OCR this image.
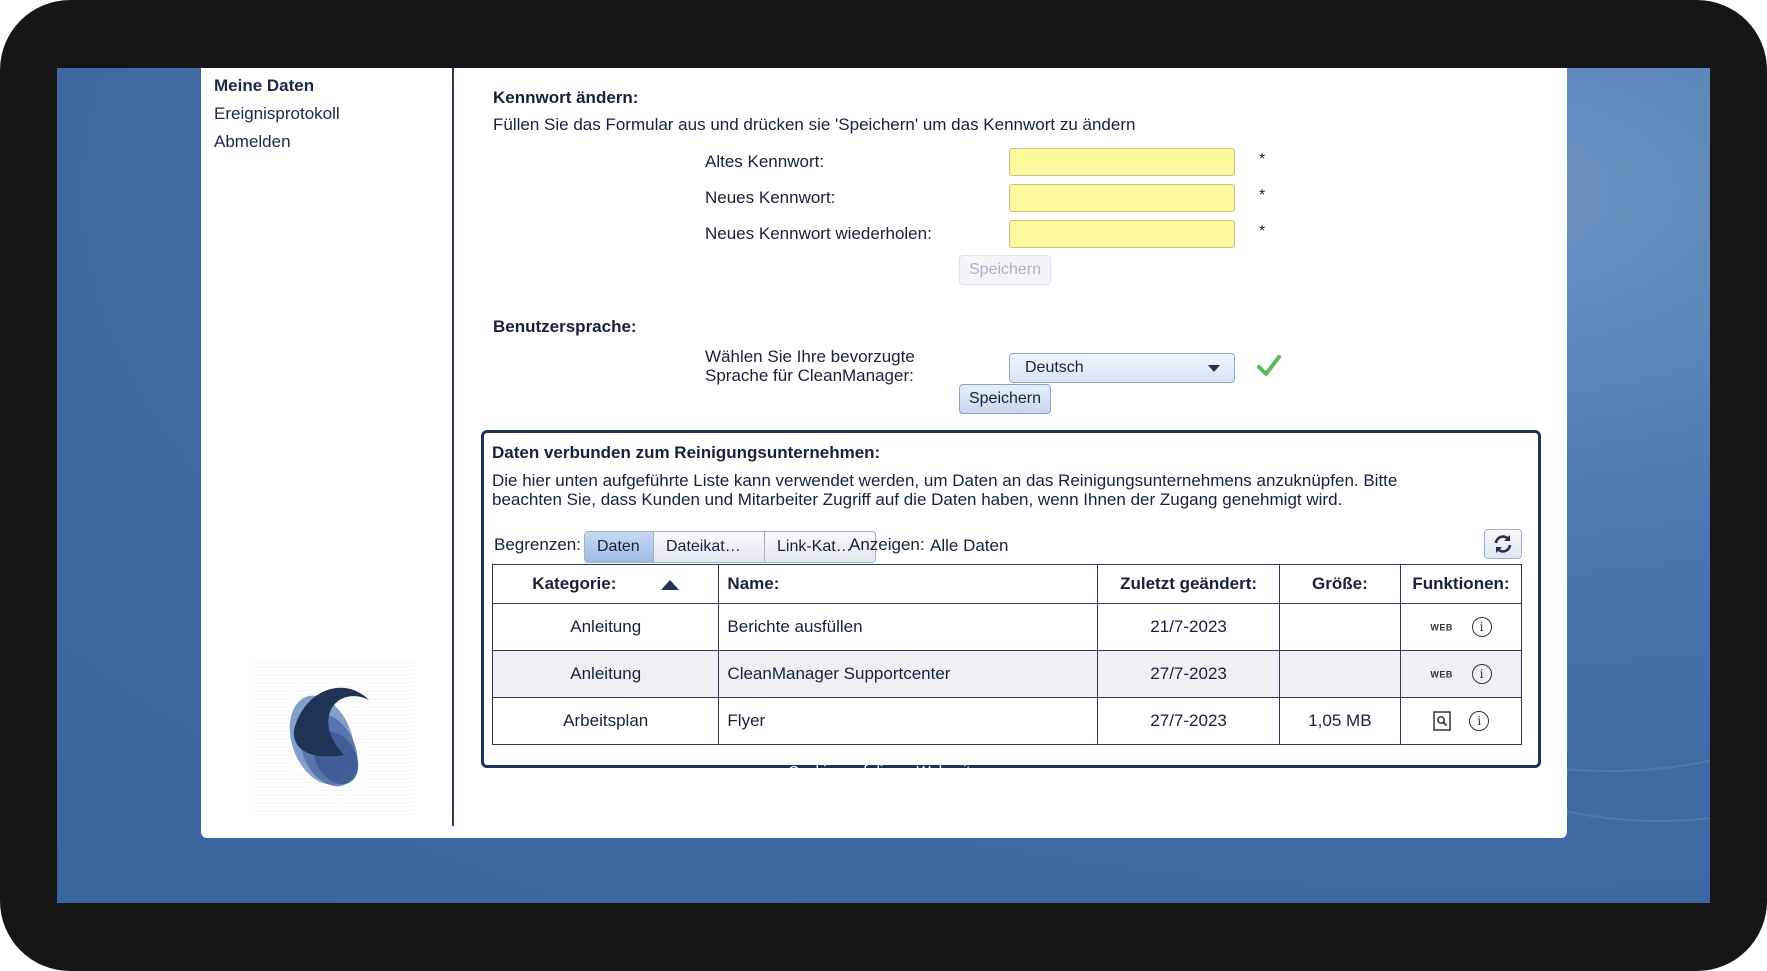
Meine Daten
Ereignisprotokoll
Abmelden
Kennwort ändern:
Füllen Sie das Formular aus und drücken sie 'Speichern' um das Kennwort zu ändern
Altes Kennwort:	*
Neues Kennwort:	*
Neues Kennwort wiederholen:	*
Speichern
Benutzersprache:
Wählen Sie Ihre bevorzugte
Sprache für CleanManager:	Deutsch
Speichern
Daten verbunden zum Reinigungsunternehmen:
Die hier unten aufgeführte Liste kann verwendet werden, um Daten an das Reinigungsunternehmens anzuknüpfen. Bitte
beachten Sie, dass Kunden und Mitarbeiter Zugriff auf die Daten haben, wenn Ihnen der Zugang genehmigt wird.
Begrenzen:	Daten	Dateikat…	Link-Kat…
Anzeigen: Alle Daten
Kategorie:	Name:	Zuletzt geändert:	Größe:	Funktionen:
Anleitung	Berichte ausfüllen	21/7-2023		WEB i
Anleitung	CleanManager Supportcenter	27/7-2023		WEB i
Arbeitsplan	Flyer	27/7-2023	1,05 MB	i
© Copyright 2009-2023 CleanManager ApS - USt.-ID-Nr.: DK39230992 - Holkebjergvej 74, 5250 Odense SV
Cookies auf dieser Webseite
